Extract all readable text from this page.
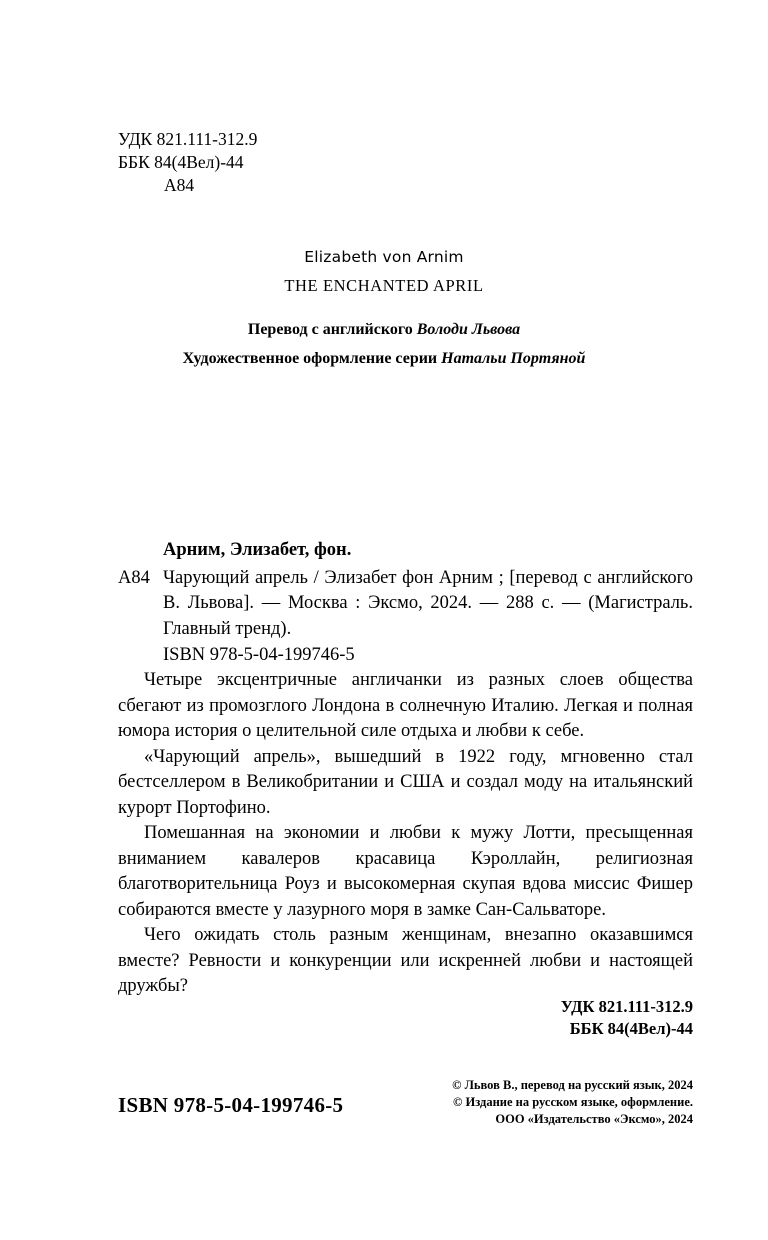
УДК 821.111-312.9
ББК 84(4Вел)-44
А84
Elizabeth von Arnim
THE ENCHANTED APRIL
Перевод с английского Володи Львова
Художественное оформление серии Натальи Портяной
Арним, Элизабет, фон.
А84 Чарующий апрель / Элизабет фон Арним ; [перевод с английского В. Львова]. — Москва : Эксмо, 2024. — 288 с. — (Магистраль. Главный тренд).
ISBN 978-5-04-199746-5

Четыре эксцентричные англичанки из разных слоев общества сбегают из промозглого Лондона в солнечную Италию. Легкая и полная юмора история о целительной силе отдыха и любви к себе.

«Чарующий апрель», вышедший в 1922 году, мгновенно стал бестселлером в Великобритании и США и создал моду на итальянский курорт Портофино.

Помешанная на экономии и любви к мужу Лотти, пресыщенная вниманием кавалеров красавица Кэроллайн, религиозная благотворительница Роуз и высокомерная скупая вдова миссис Фишер собираются вместе у лазурного моря в замке Сан-Сальваторе.

Чего ожидать столь разным женщинам, внезапно оказавшимся вместе? Ревности и конкуренции или искренней любви и настоящей дружбы?

УДК 821.111-312.9
ББК 84(4Вел)-44
© Львов В., перевод на русский язык, 2024
© Издание на русском языке, оформление.
ООО «Издательство «Эксмо», 2024
ISBN 978-5-04-199746-5
